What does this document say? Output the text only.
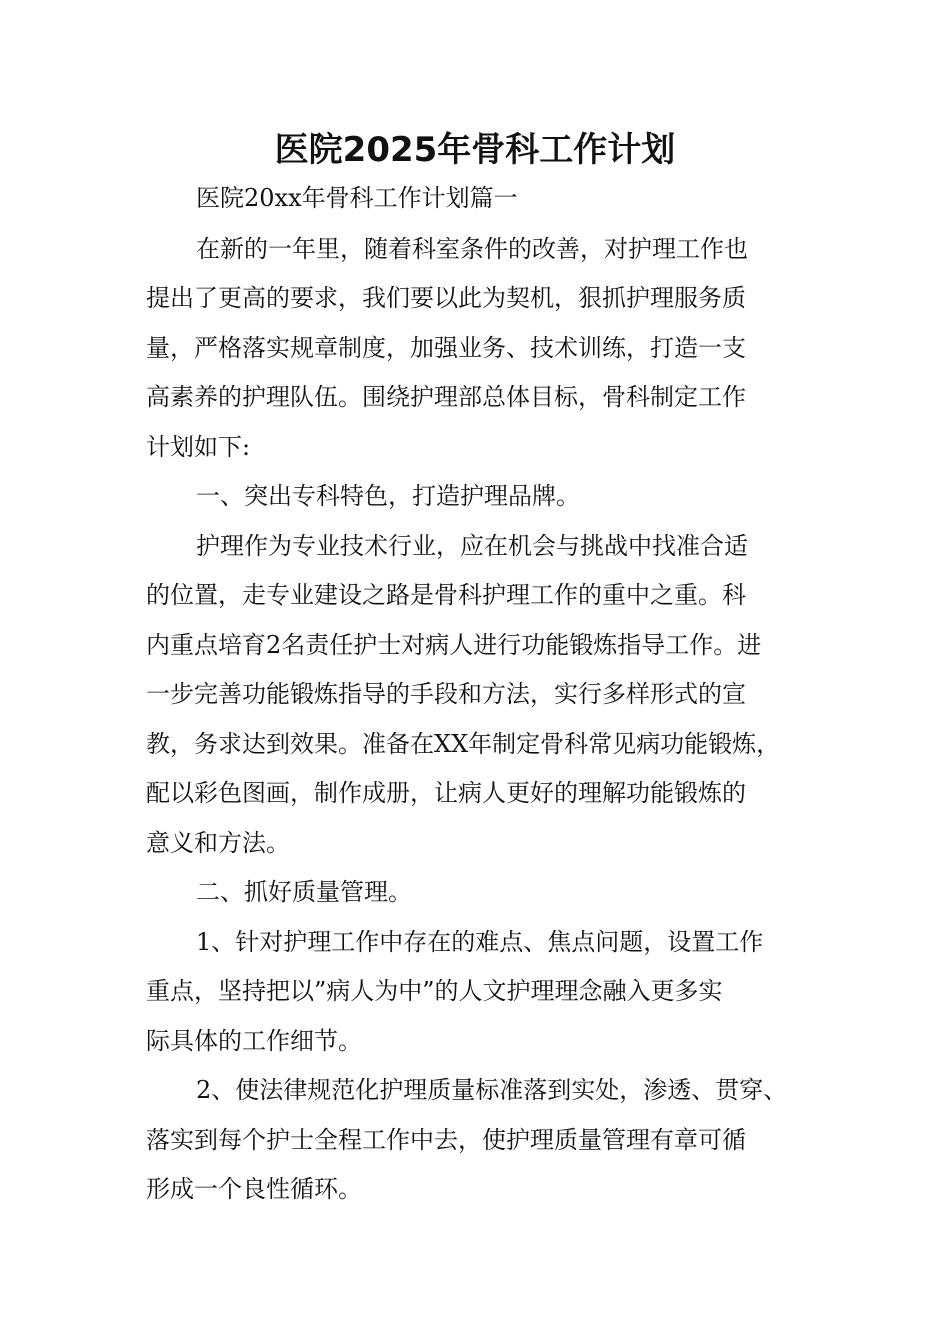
医院2025年骨科工作计划

医院20xx年骨科工作计划篇一

在新的一年里，随着科室条件的改善，对护理工作也

提出了更高的要求，我们要以此为契机，狠抓护理服务质

量，严格落实规章制度，加强业务、技术训练，打造一支

高素养的护理队伍。围绕护理部总体目标，骨科制定工作

计划如下:

一、突出专科特色，打造护理品牌。

护理作为专业技术行业，应在机会与挑战中找准合适

的位置，走专业建设之路是骨科护理工作的重中之重。科

内重点培育2名责任护士对病人进行功能锻炼指导工作。进

一步完善功能锻炼指导的手段和方法，实行多样形式的宣

教，务求达到效果。准备在XX年制定骨科常见病功能锻炼，

配以彩色图画，制作成册，让病人更好的理解功能锻炼的

意义和方法。

二、抓好质量管理。

1、针对护理工作中存在的难点、焦点问题，设置工作

重点，坚持把以”病人为中”的人文护理理念融入更多实

际具体的工作细节。

2、使法律规范化护理质量标准落到实处，渗透、贯穿、

落实到每个护士全程工作中去，使护理质量管理有章可循

形成一个良性循环。
